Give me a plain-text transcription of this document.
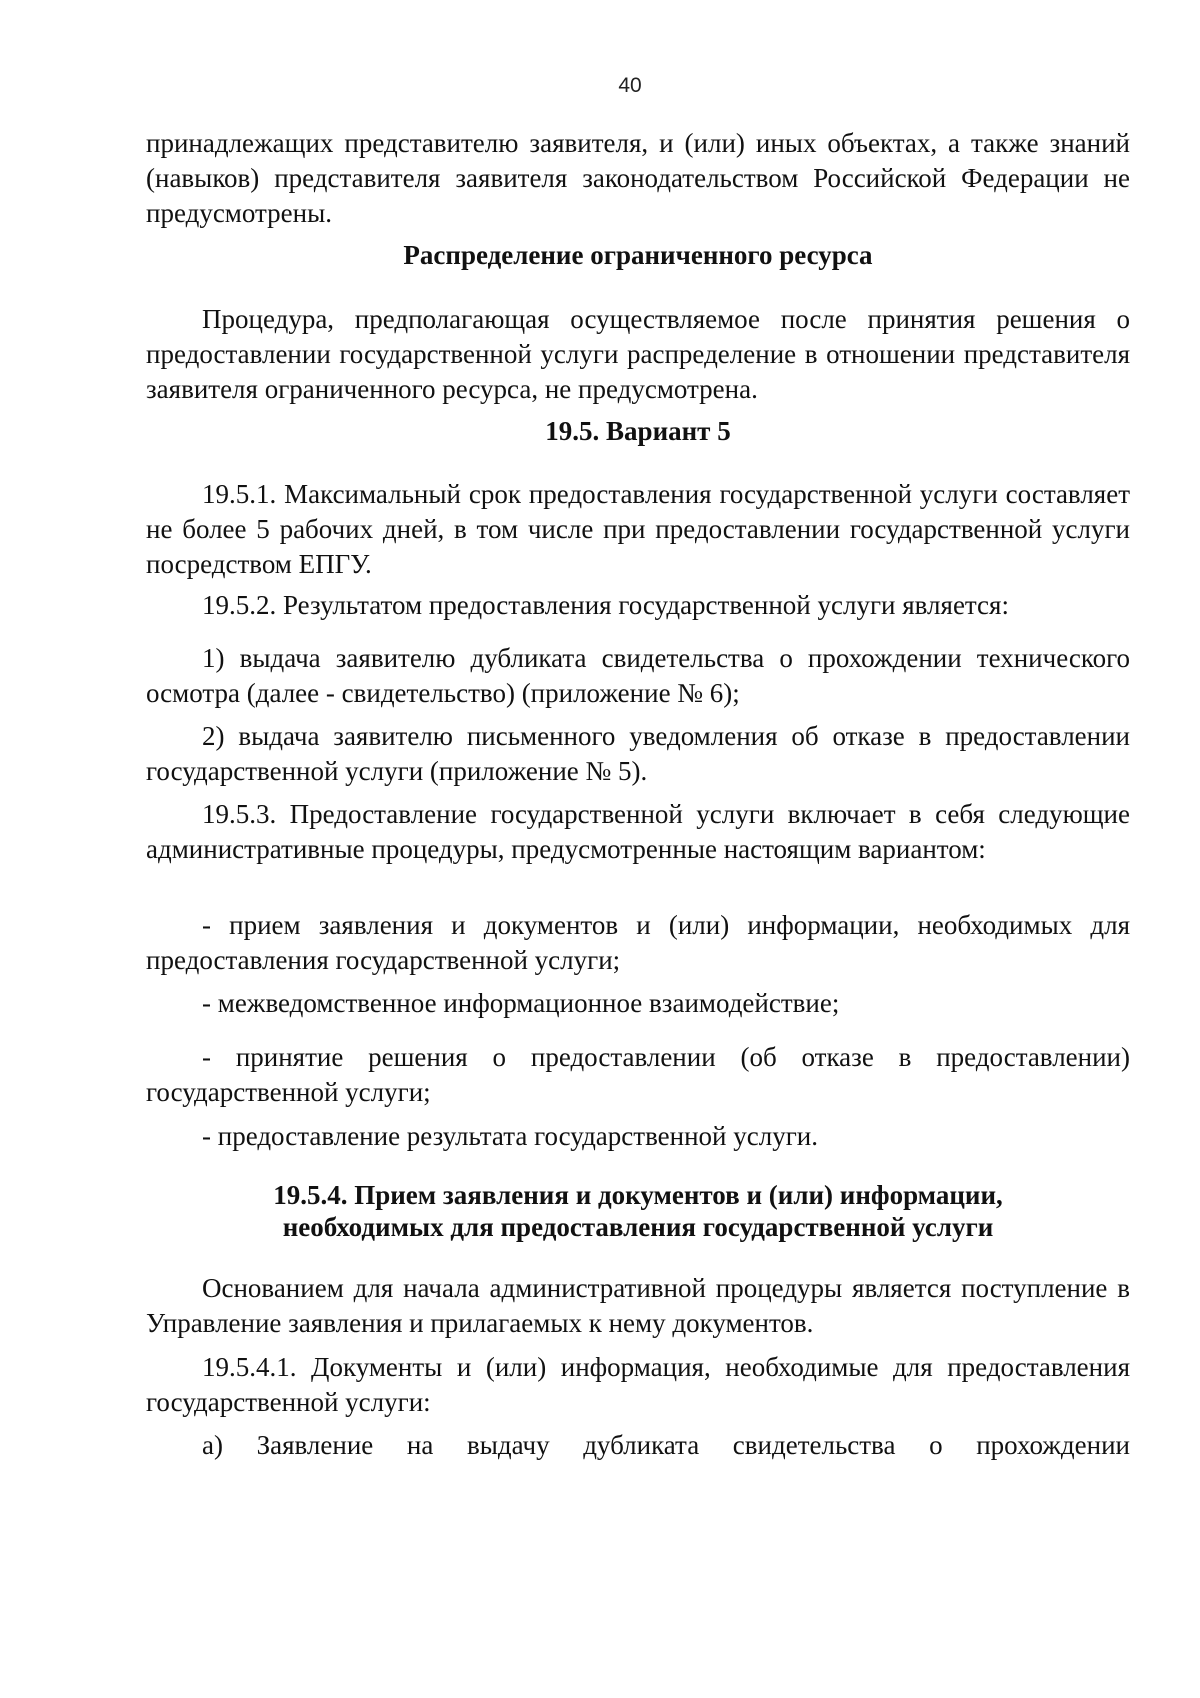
40

принадлежащих представителю заявителя, и (или) иных объектах, а также знаний (навыков) представителя заявителя законодательством Российской Федерации не предусмотрены.

Распределение ограниченного ресурса

Процедура, предполагающая осуществляемое после принятия решения о предоставлении государственной услуги распределение в отношении представителя заявителя ограниченного ресурса, не предусмотрена.

19.5. Вариант 5

19.5.1. Максимальный срок предоставления государственной услуги составляет не более 5 рабочих дней, в том числе при предоставлении государственной услуги посредством ЕПГУ.

19.5.2. Результатом предоставления государственной услуги является:

1) выдача заявителю дубликата свидетельства о прохождении технического осмотра (далее - свидетельство) (приложение № 6);

2) выдача заявителю письменного уведомления об отказе в предоставлении государственной услуги (приложение № 5).

19.5.3. Предоставление государственной услуги включает в себя следующие административные процедуры, предусмотренные настоящим вариантом:

- прием заявления и документов и (или) информации, необходимых для предоставления государственной услуги;

- межведомственное информационное взаимодействие;

- принятие решения о предоставлении (об отказе в предоставлении) государственной услуги;

- предоставление результата государственной услуги.

19.5.4. Прием заявления и документов и (или) информации,

необходимых для предоставления государственной услуги

Основанием для начала административной процедуры является поступление в Управление заявления и прилагаемых к нему документов.

19.5.4.1. Документы и (или) информация, необходимые для предоставления государственной услуги:

а) Заявление на выдачу дубликата свидетельства о прохождении
